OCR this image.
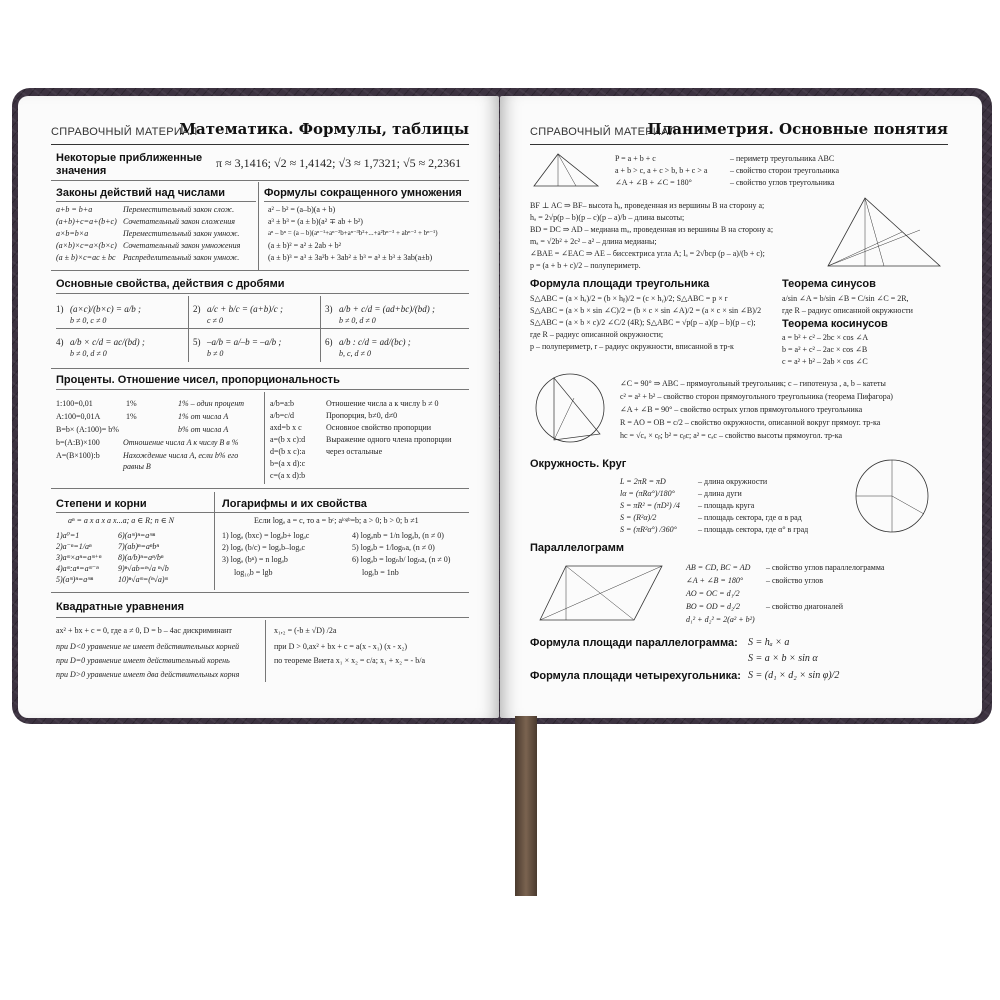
СПРАВОЧНЫЙ МАТЕРИАЛ
Математика. Формулы, таблицы
Некоторые приближенные значения
π ≈ 3,1416; √2 ≈ 1,4142; √3 ≈ 1,7321; √5 ≈ 2,2361
Законы действий над числами	Формулы сокращенного умножения
a+b = b+a	Переместительный закон слож.
(a+b)+c=a+(b+c) Сочетательный закон сложения
a×b=b×a	Переместительный закон умнож.
(a×b)×c=a×(b×c) Сочетательный закон умножения
(a ± b)×c=ac ± bc Распределительный закон умнож.
a² – b² = (a–b)(a + b)
a³ ± b³ = (a ± b)(a² ∓ ab + b²)
aⁿ – bⁿ = (a – b)(aⁿ⁻¹+aⁿ⁻²b+aⁿ⁻³b²+...+a²bⁿ⁻³ + abⁿ⁻² + bⁿ⁻¹)
(a ± b)² = a² ± 2ab + b²
(a ± b)³ = a³ ± 3a²b + 3ab² ± b³ = a³ ± b³ ± 3ab(a±b)
Основные свойства, действия с дробями
1) (a×c)/(b×c) = a/b ;
b ≠ 0, c ≠ 0
2) a/c + b/c = (a+b)/c ;
c ≠ 0
3) a/b + c/d = (ad+bc)/(bd) ;
b ≠ 0, d ≠ 0
4) a/b × c/d = ac/(bd) ;
b ≠ 0, d ≠ 0
5) –a/b = a/–b = –a/b ;
b ≠ 0
6) a/b : c/d = ad/(bc) ;
b, c, d ≠ 0
Проценты. Отношение чисел, пропорциональность
1:100=0,01	1%	1% – один процент
A:100=0,01A	1%	1% от числа A
B=b× (A:100)= b%	b% от числа A
b=(A:B)×100	Отношение числа A к числу B в %
A=(B×100):b	Нахождение числа A, если b% его равны B
a/b=a:b	Отношение числа a к числу b ≠ 0
a/b=c/d	Пропорция, b≠0, d≠0
axd=b x c	Основное свойство пропорции
a=(b x c):d	Выражение одного члена пропорции
d=(b x c):a	через остальные
b=(a x d):c
c=(a x d):b
Степени и корни	Логарифмы и их свойства
aⁿ = a x a x a x...a; a ∈ R; n ∈ N
1)a⁰=1
2)a⁻ⁿ=1/aⁿ
3)aᵐ×aⁿ=aᵐ⁺ⁿ
4)aᵐ:aⁿ=aᵐ⁻ⁿ
5)(aᵐ)ⁿ=aᵐⁿ
6)(aᵐ)ⁿ=aᵐⁿ
7)(ab)ⁿ=aⁿbⁿ
8)(a/b)ⁿ=aⁿ/bⁿ
9)ⁿ√ab=ⁿ√a ⁿ√b
10)ⁿ√aᵐ=(ⁿ√a)ᵐ
Если logₐ a = c, то a = bᶜ; aˡᵒᵍᵇ=b; a > 0; b > 0; b ≠1
1) logₐ (bxc) = logₐb+ logₐc
2) logₐ (b/c) = logₐb–logₐc
3) logₐ (bⁿ) = n logₐb
log₁₀b = lgb
4) logₐnb = 1/n logₐb, (n ≠ 0)
5) logₐb = 1/logₙa, (n ≠ 0)
6) logₐb = logₙb/ logₙa, (n ≠ 0)
logₑb = 1nb
Квадратные уравнения
ax² + bx + c = 0, где a ≠ 0, D = b – 4ac дискриминант
при D<0 уравнение не имеет действительных корней
при D=0 уравнение имеет действительный корень
при D>0 уравнение имеет два действительных корня
x₁,₂ = (-b ± √D) /2a
при D > 0,ax² + bx + c = a(x - x₁) (x - x₂)
по теореме Виета x₁ × x₂ = c/a; x₁ + x₂ = - b/a
СПРАВОЧНЫЙ МАТЕРИАЛ
Планиметрия. Основные понятия
P = a + b + c	– периметр треугольника ABC
a + b > c, a + c > b, b + c > a	– свойство сторон треугольника
∠A + ∠B + ∠C = 180°	– свойство углов треугольника
BF ⊥ AC ⇒ BF– высота hₐ, проведенная из вершины B на сторону a;
hₐ = 2√p(p – b)(p – c)(p – a)/b – длина высоты;
BD = DC ⇒ AD – медиана mₐ, проведенная из вершины B на сторону a;
mₐ = √2b² + 2c² – a² – длина медианы;
∠BAE = ∠EAC ⇒ AE – биссектриса угла A; lₐ = 2√bcp (p – a)/(b + c);
p = (a + b + c)/2 – полупериметр.
Формула площади треугольника
S△ABC = (a × hₐ)/2 = (b × hᵦ)/2 = (c × hᵧ)/2; S△ABC = p × r
S△ABC = (a × b × sin ∠C)/2 = (b × c × sin ∠A)/2 = (a × c × sin ∠B)/2
S△ABC = (a × b × c)/2 ∠C/2 (4R); S△ABC = √p(p – a)(p – b)(p – c);
где R – радиус описанной окружности;
p – полупериметр, r – радиус окружности, вписанной в тр-к
Теорема синусов
a/sin ∠A = b/sin ∠B = C/sin ∠C = 2R,
где R – радиус описанной окружности
Теорема косинусов
a = b² + c² – 2bc × cos ∠A
b = a² + c² – 2ac × cos ∠B
c = a² + b² – 2ab × cos ∠C
∠C = 90° ⇒ ABC – прямоугольный треугольник; c – гипотенуза , a, b – катеты
c² = a² + b² – свойство сторон прямоугольного треугольника (теорема Пифагора)
∠A + ∠B = 90° – свойство острых углов прямоугольного треугольника
R = AO = OB = c/2 – свойство окружности, описанной вокруг прямоуг. тр-ка
hc = √cₐ × cᵦ; b² = cᵦc; a² = cₐc – свойство высоты прямоугол. тр-ка
Окружность. Круг
L = 2πR = πD	– длина окружности
lα = (πRα°)/180°	– длина дуги
S = πR² = (πD²) /4 – площадь круга
S = (R²α)/2	– площадь сектора, где α в рад
S = (πR²α°) /360°	– площадь сектора, где α° в град
Параллелограмм
AB = CD, BC = AD – свойство углов параллелограмма
∠A + ∠B = 180°	– свойство углов
AO = OC = d₁/2
– свойство диагоналей
BO = OD = d₂/2
d₁² + d₂² = 2(a² + b²)
Формула площади параллелограмма: S = hₐ × a
S = a × b × sin α
Формула площади четырехугольника: S = (d₁ × d₂ × sin φ)/2
